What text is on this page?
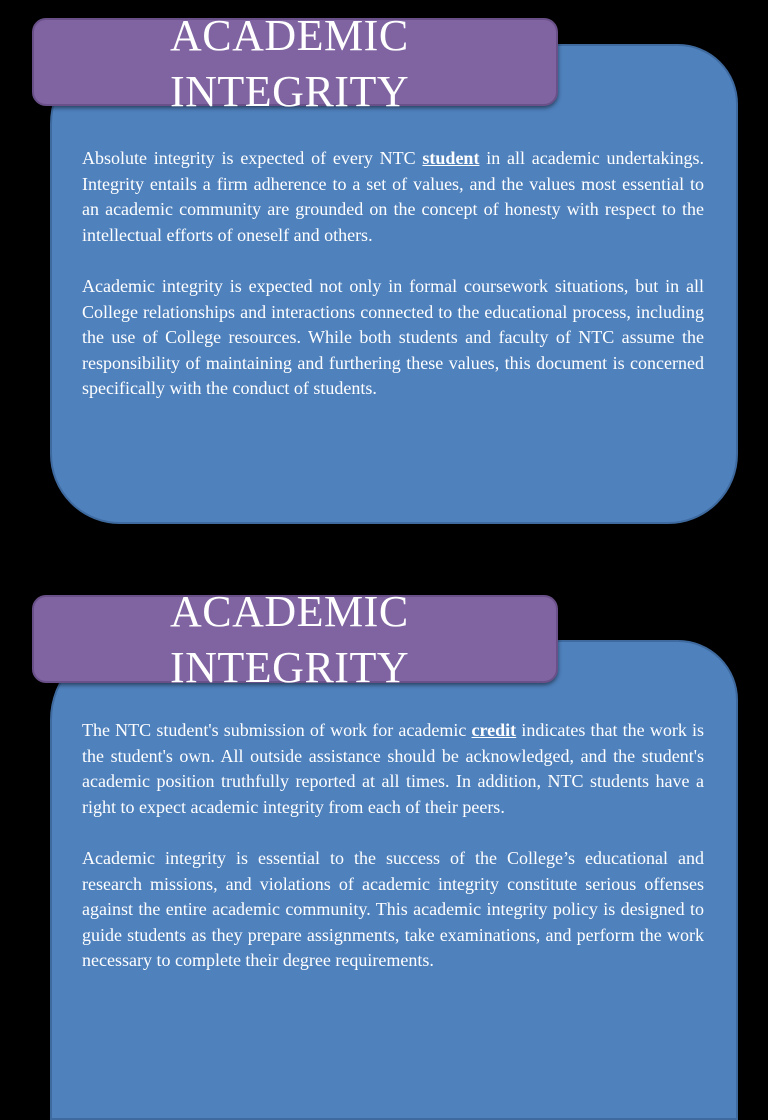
ACADEMIC
INTEGRITY

Absolute integrity is expected of every NTC student in all academic undertakings. Integrity entails a firm adherence to a set of values, and the values most essential to an academic community are grounded on the concept of honesty with respect to the intellectual efforts of oneself and others.

Academic integrity is expected not only in formal coursework situations, but in all College relationships and interactions connected to the educational process, including the use of College resources. While both students and faculty of NTC assume the responsibility of maintaining and furthering these values, this document is concerned specifically with the conduct of students.

ACADEMIC
INTEGRITY

The NTC student's submission of work for academic credit indicates that the work is the student's own. All outside assistance should be acknowledged, and the student's academic position truthfully reported at all times. In addition, NTC students have a right to expect academic integrity from each of their peers.

Academic integrity is essential to the success of the College’s educational and research missions, and violations of academic integrity constitute serious offenses against the entire academic community. This academic integrity policy is designed to guide students as they prepare assignments, take examinations, and perform the work necessary to complete their degree requirements.
